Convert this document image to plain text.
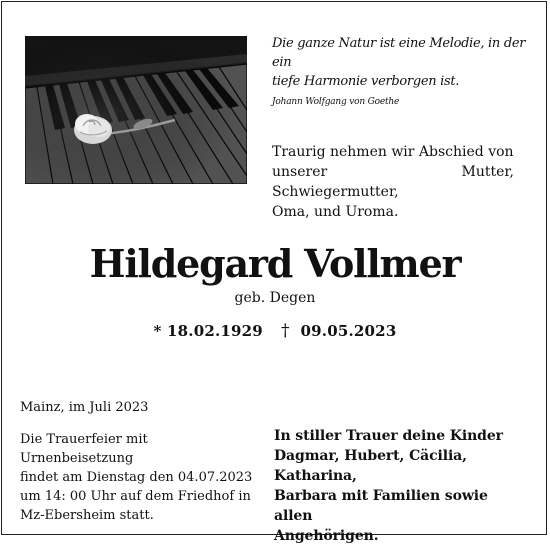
Die ganze Natur ist eine Melodie, in der ein
tiefe Harmonie verborgen ist.
Johann Wolfgang von Goethe
Traurig nehmen wir Abschied von
unserer Mutter, Schwiegermutter,
Oma, und Uroma.
Hildegard Vollmer
geb. Degen
* 18.02.1929 † 09.05.2023
Mainz, im Juli 2023
Die Trauerfeier mit Urnenbeisetzung
findet am Dienstag den 04.07.2023
um 14: 00 Uhr auf dem Friedhof in
Mz-Ebersheim statt.
In stiller Trauer deine Kinder
Dagmar, Hubert, Cäcilia, Katharina,
Barbara mit Familien sowie allen
Angehörigen.
